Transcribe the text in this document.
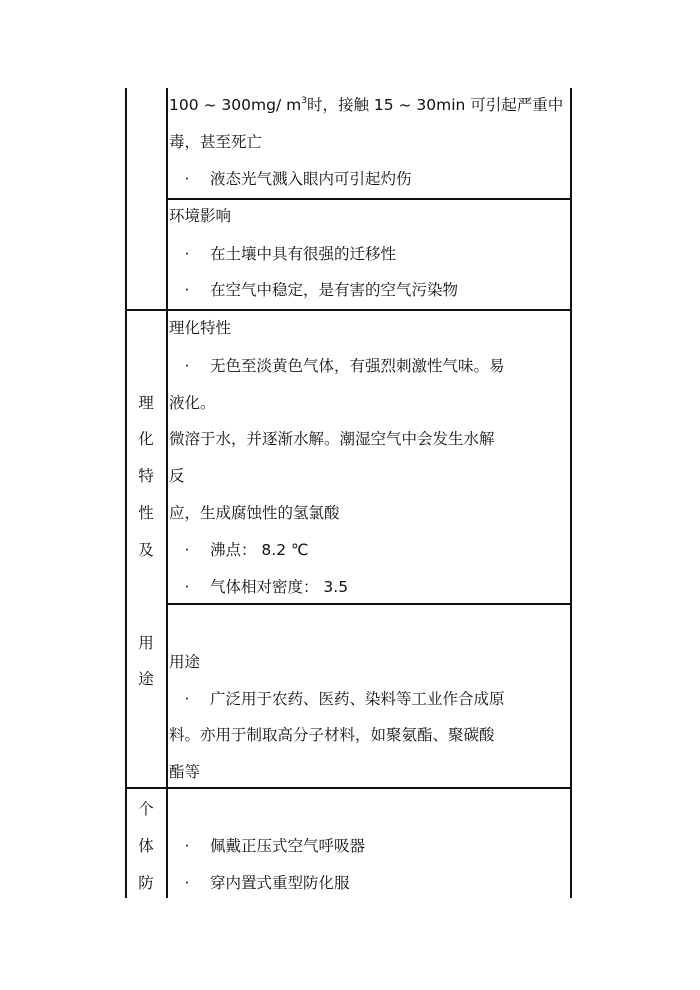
100 ~ 300mg/ $m^3$时，接触 15 ~ 30min 可引起严重中
毒，甚至死亡
· 液态光气溅入眼内可引起灼伤
环境影响
· 在土壤中具有很强的迁移性
· 在空气中稳定，是有害的空气污染物
理
化
特
性
及
用
途
理化特性
· 无色至淡黄色气体，有强烈刺激性气味。易
液化。
微溶于水，并逐渐水解。潮湿空气中会发生水解
反
应，生成腐蚀性的氢氯酸
· 沸点： 8.2 ℃
· 气体相对密度： 3.5
用途
· 广泛用于农药、医药、染料等工业作合成原
料。亦用于制取高分子材料，如聚氨酯、聚碳酸
酯等
个
体
防
· 佩戴正压式空气呼吸器
· 穿内置式重型防化服
